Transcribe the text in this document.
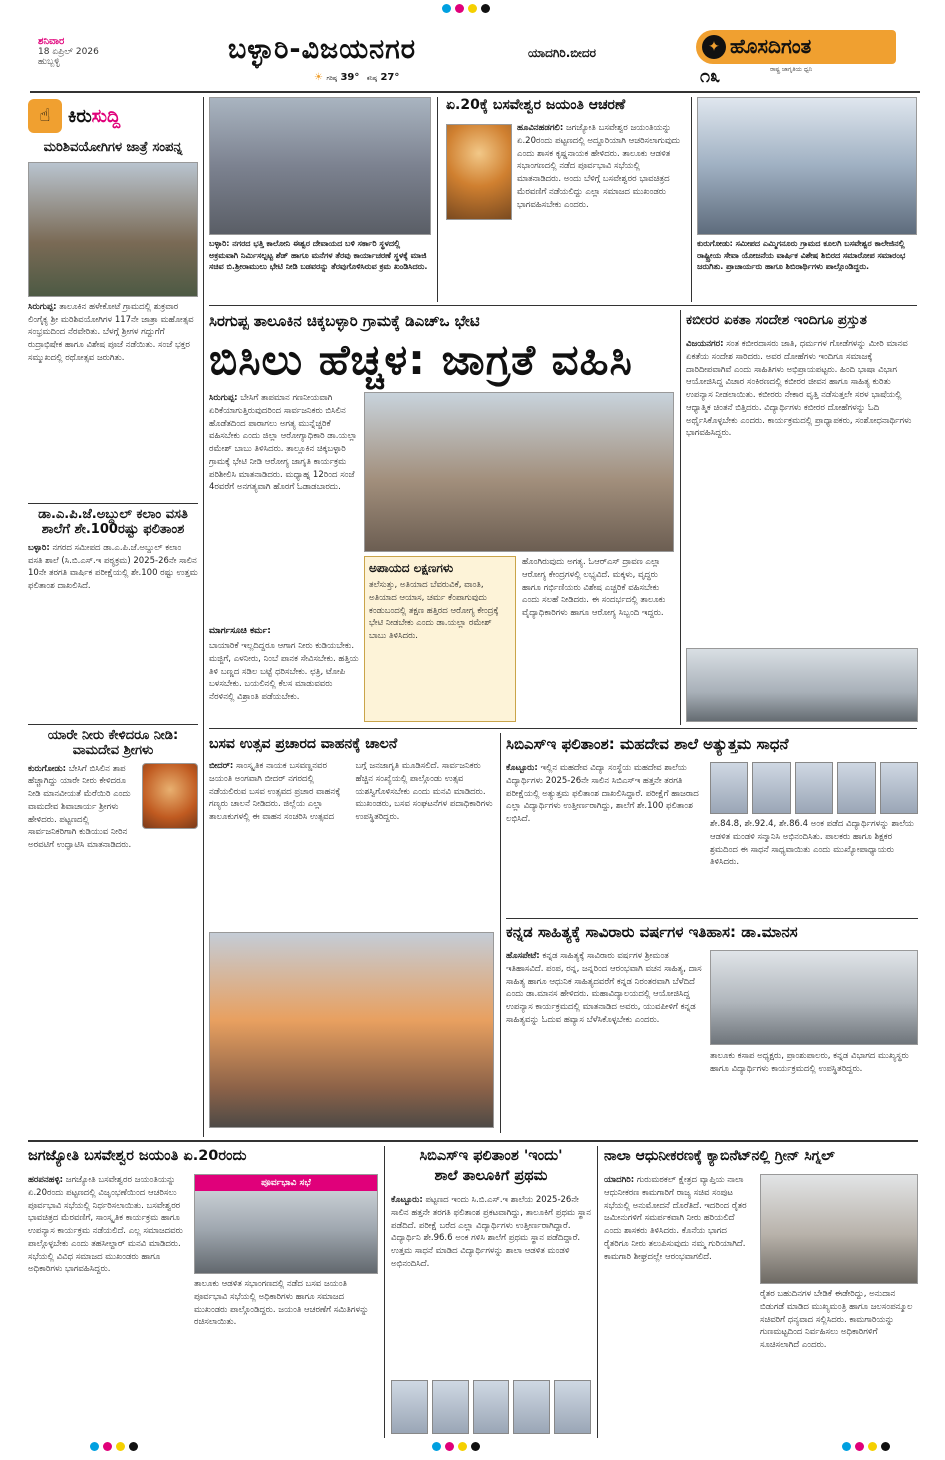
ಶನಿವಾರ
18 ಏಪ್ರಿಲ್ 2026
ಹುಬ್ಬಳ್ಳಿ	ಬಳ್ಳಾರಿ-ವಿಜಯನಗರ	ಯಾದಗಿರಿ.ಬೀದರ
☀ ಗರಿಷ್ಠ 39° ಕನಿಷ್ಠ 27°
✦ ಹೊಸದಿಗಂತ
ರಾಷ್ಟ್ರ ಜಾಗೃತಿಯ ಧ್ವನಿ
೧೩
☝ ಕಿರು ಸುದ್ದಿ
ಮರಿಶಿವಯೋಗಿಗಳ ಜಾತ್ರೆ ಸಂಪನ್ನ
ಸಿರುಗುಪ್ಪ: ತಾಲೂಕಿನ ಹಳೇಕೋಟೆ ಗ್ರಾಮದಲ್ಲಿ ಶುಕ್ರವಾರ ಲಿಂಗೈಕ್ಯ ಶ್ರೀ ಮರಿಶಿವಯೋಗಿಗಳ 117ನೇ ಜಾತ್ರಾ ಮಹೋತ್ಸವ ಸಂಭ್ರಮದಿಂದ ನೆರವೇರಿತು. ಬೆಳಗ್ಗೆ ಶ್ರೀಗಳ ಗದ್ದುಗೆಗೆ ರುದ್ರಾಭಿಷೇಕ ಹಾಗೂ ವಿಶೇಷ ಪೂಜೆ ನಡೆಯಿತು. ಸಂಜೆ ಭಕ್ತರ ಸಮ್ಮುಖದಲ್ಲಿ ರಥೋತ್ಸವ ಜರುಗಿತು.
ಡಾ.ಎ.ಪಿ.ಜೆ.ಅಬ್ದುಲ್ ಕಲಾಂ ವಸತಿ ಶಾಲೆಗೆ ಶೇ.100ರಷ್ಟು ಫಲಿತಾಂಶ
ಬಳ್ಳಾರಿ: ನಗರದ ಸಮೀಪದ ಡಾ.ಎ.ಪಿ.ಜೆ.ಅಬ್ದುಲ್ ಕಲಾಂ ವಸತಿ ಶಾಲೆ (ಸಿ.ಬಿ.ಎಸ್.ಇ ಪಠ್ಯಕ್ರಮ) 2025-26ನೇ ಸಾಲಿನ 10ನೇ ತರಗತಿ ವಾರ್ಷಿಕ ಪರೀಕ್ಷೆಯಲ್ಲಿ ಶೇ.100 ರಷ್ಟು ಉತ್ತಮ ಫಲಿತಾಂಶ ದಾಖಲಿಸಿದೆ.
ಯಾರೇ ನೀರು ಕೇಳಿದರೂ ನೀಡಿ: ವಾಮದೇವ ಶ್ರೀಗಳು
ಕುರುಗೋಡು: ಬೇಸಿಗೆ ಬಿಸಿಲಿನ ತಾಪ ಹೆಚ್ಚಾಗಿದ್ದು ಯಾರೇ ನೀರು ಕೇಳಿದರೂ ನೀಡಿ ಮಾನವೀಯತೆ ಮೆರೆಯಿರಿ ಎಂದು ವಾಮದೇವ ಶಿವಾಚಾರ್ಯ ಶ್ರೀಗಳು ಹೇಳಿದರು. ಪಟ್ಟಣದಲ್ಲಿ ಸಾರ್ವಜನಿಕರಿಗಾಗಿ ಕುಡಿಯುವ ನೀರಿನ ಅರವಟಿಗೆ ಉದ್ಘಾಟಿಸಿ ಮಾತನಾಡಿದರು.
ಬಳ್ಳಾರಿ: ನಗರದ ಭತ್ತಿ ಕಾಲೋನಿ ಈಶ್ವರ ದೇವಾಯದ ಬಳಿ ಸರ್ಕಾರಿ ಸ್ಥಳದಲ್ಲಿ ಅಕ್ರಮವಾಗಿ ನಿರ್ಮಿಸಲ್ಪಟ್ಟ ಶೆಡ್ ಹಾಗೂ ಮನೆಗಳ ತೆರವು ಕಾರ್ಯಾಚರಣೆ ಸ್ಥಳಕ್ಕೆ ಮಾಜಿ ಸಚಿವ ಬಿ.ಶ್ರೀರಾಮುಲು ಭೇಟಿ ನೀಡಿ ಬಡವರನ್ನು ತೆರವುಗೊಳಿಸಿರುವ ಕ್ರಮ ಖಂಡಿಸಿದರು.
ಏ.20ಕ್ಕೆ ಬಸವೇಶ್ವರ ಜಯಂತಿ ಆಚರಣೆ
ಹೂವಿನಹಡಗಲಿ: ಜಗಜ್ಯೋತಿ ಬಸವೇಶ್ವರ ಜಯಂತಿಯನ್ನು ಏ.20ರಂದು ಪಟ್ಟಣದಲ್ಲಿ ಅದ್ದೂರಿಯಾಗಿ ಆಚರಿಸಲಾಗುವುದು ಎಂದು ಶಾಸಕ ಕೃಷ್ಣನಾಯಕ ಹೇಳಿದರು. ತಾಲೂಕು ಆಡಳಿತ ಸಭಾಂಗಣದಲ್ಲಿ ನಡೆದ ಪೂರ್ವಭಾವಿ ಸಭೆಯಲ್ಲಿ ಮಾತನಾಡಿದರು. ಅಂದು ಬೆಳಿಗ್ಗೆ ಬಸವೇಶ್ವರರ ಭಾವಚಿತ್ರದ ಮೆರವಣಿಗೆ ನಡೆಯಲಿದ್ದು ಎಲ್ಲಾ ಸಮಾಜದ ಮುಖಂಡರು ಭಾಗವಹಿಸಬೇಕು ಎಂದರು.
ಕುರುಗೋಡು: ಸಮೀಪದ ಎಮ್ಮಿಗನೂರು ಗ್ರಾಮದ ಕೂಲಗಿ ಬಸವೇಶ್ವರ ಕಾಲೇಜಿನಲ್ಲಿ ರಾಷ್ಟ್ರೀಯ ಸೇವಾ ಯೋಜನೆಯ ವಾರ್ಷಿಕ ವಿಶೇಷ ಶಿಬಿರದ ಸಮಾರೋಪ ಸಮಾರಂಭ ಜರುಗಿತು. ಪ್ರಾಚಾರ್ಯರು ಹಾಗೂ ಶಿಬಿರಾರ್ಥಿಗಳು ಪಾಲ್ಗೊಂಡಿದ್ದರು.
ಸಿರಗುಪ್ಪ ತಾಲೂಕಿನ ಚಿಕ್ಕಬಳ್ಳಾರಿ ಗ್ರಾಮಕ್ಕೆ ಡಿಎಚ್ಒ ಭೇಟಿ
ಬಿಸಿಲು ಹೆಚ್ಚಳ: ಜಾಗ್ರತೆ ವಹಿಸಿ
ಸಿರುಗುಪ್ಪ: ಬೇಸಿಗೆ ತಾಪಮಾನ ಗಣನೀಯವಾಗಿ ಏರಿಕೆಯಾಗುತ್ತಿರುವುದರಿಂದ ಸಾರ್ವಜನಿಕರು ಬಿಸಿಲಿನ ಹೊಡೆತದಿಂದ ಪಾರಾಗಲು ಅಗತ್ಯ ಮುನ್ನೆಚ್ಚರಿಕೆ ವಹಿಸಬೇಕು ಎಂದು ಜಿಲ್ಲಾ ಆರೋಗ್ಯಾಧಿಕಾರಿ ಡಾ.ಯಲ್ಲಾ ರಮೇಶ್ ಬಾಬು ತಿಳಿಸಿದರು. ತಾಲ್ಲೂಕಿನ ಚಿಕ್ಕಬಳ್ಳಾರಿ ಗ್ರಾಮಕ್ಕೆ ಭೇಟಿ ನೀಡಿ ಆರೋಗ್ಯ ಜಾಗೃತಿ ಕಾರ್ಯಕ್ರಮ ಪರಿಶೀಲಿಸಿ ಮಾತನಾಡಿದರು. ಮಧ್ಯಾಹ್ನ 12ರಿಂದ ಸಂಜೆ 4ರವರೆಗೆ ಅನಗತ್ಯವಾಗಿ ಹೊರಗೆ ಓಡಾಡಬಾರದು.
ಮಾರ್ಗಸೂಚಿ ಕರ್ಮ:
ಬಾಯಾರಿಕೆ ಇಲ್ಲದಿದ್ದರೂ ಆಗಾಗ ನೀರು ಕುಡಿಯಬೇಕು. ಮಜ್ಜಿಗೆ, ಎಳನೀರು, ನಿಂಬೆ ಪಾನಕ ಸೇವಿಸಬೇಕು. ಹತ್ತಿಯ ತಿಳಿ ಬಣ್ಣದ ಸಡಿಲ ಬಟ್ಟೆ ಧರಿಸಬೇಕು. ಛತ್ರಿ, ಟೋಪಿ ಬಳಸಬೇಕು. ಬಯಲಿನಲ್ಲಿ ಕೆಲಸ ಮಾಡುವವರು ನೆರಳಿನಲ್ಲಿ ವಿಶ್ರಾಂತಿ ಪಡೆಯಬೇಕು.
ಅಪಾಯದ ಲಕ್ಷಣಗಳು
ತಲೆಸುತ್ತು, ಅತಿಯಾದ ಬೆವರುವಿಕೆ, ವಾಂತಿ, ಅತಿಯಾದ ಆಯಾಸ, ಚರ್ಮ ಕೆಂಪಾಗುವುದು ಕಂಡುಬಂದಲ್ಲಿ ತಕ್ಷಣ ಹತ್ತಿರದ ಆರೋಗ್ಯ ಕೇಂದ್ರಕ್ಕೆ ಭೇಟಿ ನೀಡಬೇಕು ಎಂದು ಡಾ.ಯಲ್ಲಾ ರಮೇಶ್ ಬಾಬು ತಿಳಿಸಿದರು.
ಹೊಂಗಿರುವುದು ಅಗತ್ಯ. ಓಆರ್‌ಎಸ್ ದ್ರಾವಣ ಎಲ್ಲಾ ಆರೋಗ್ಯ ಕೇಂದ್ರಗಳಲ್ಲಿ ಲಭ್ಯವಿದೆ. ಮಕ್ಕಳು, ವೃದ್ಧರು ಹಾಗೂ ಗರ್ಭಿಣಿಯರು ವಿಶೇಷ ಎಚ್ಚರಿಕೆ ವಹಿಸಬೇಕು ಎಂದು ಸಲಹೆ ನೀಡಿದರು. ಈ ಸಂದರ್ಭದಲ್ಲಿ ತಾಲೂಕು ವೈದ್ಯಾಧಿಕಾರಿಗಳು ಹಾಗೂ ಆರೋಗ್ಯ ಸಿಬ್ಬಂದಿ ಇದ್ದರು.
ಕಬೀರರ ಏಕತಾ ಸಂದೇಶ ಇಂದಿಗೂ ಪ್ರಸ್ತುತ
ವಿಜಯನಗರ: ಸಂತ ಕಬೀರದಾಸರು ಜಾತಿ, ಧರ್ಮಗಳ ಗೋಡೆಗಳನ್ನು ಮೀರಿ ಮಾನವ ಏಕತೆಯ ಸಂದೇಶ ಸಾರಿದರು. ಅವರ ದೋಹೆಗಳು ಇಂದಿಗೂ ಸಮಾಜಕ್ಕೆ ದಾರಿದೀಪವಾಗಿವೆ ಎಂದು ಸಾಹಿತಿಗಳು ಅಭಿಪ್ರಾಯಪಟ್ಟರು. ಹಿಂದಿ ಭಾಷಾ ವಿಭಾಗ ಆಯೋಜಿಸಿದ್ದ ವಿಚಾರ ಸಂಕಿರಣದಲ್ಲಿ ಕಬೀರರ ಜೀವನ ಹಾಗೂ ಸಾಹಿತ್ಯ ಕುರಿತು ಉಪನ್ಯಾಸ ನೀಡಲಾಯಿತು. ಕಬೀರರು ನೇಕಾರ ವೃತ್ತಿ ನಡೆಸುತ್ತಲೇ ಸರಳ ಭಾಷೆಯಲ್ಲಿ ಆಧ್ಯಾತ್ಮಿಕ ಚಿಂತನೆ ಬಿತ್ತಿದರು. ವಿದ್ಯಾರ್ಥಿಗಳು ಕಬೀರರ ದೋಹೆಗಳನ್ನು ಓದಿ ಅರ್ಥೈಸಿಕೊಳ್ಳಬೇಕು ಎಂದರು. ಕಾರ್ಯಕ್ರಮದಲ್ಲಿ ಪ್ರಾಧ್ಯಾಪಕರು, ಸಂಶೋಧನಾರ್ಥಿಗಳು ಭಾಗವಹಿಸಿದ್ದರು.
ಬಸವ ಉತ್ಸವ ಪ್ರಚಾರದ ವಾಹನಕ್ಕೆ ಚಾಲನೆ
ಬೀದರ್: ಸಾಂಸ್ಕೃತಿಕ ನಾಯಕ ಬಸವಣ್ಣನವರ ಜಯಂತಿ ಅಂಗವಾಗಿ ಬೀದರ್ ನಗರದಲ್ಲಿ ನಡೆಯಲಿರುವ ಬಸವ ಉತ್ಸವದ ಪ್ರಚಾರ ವಾಹನಕ್ಕೆ ಗಣ್ಯರು ಚಾಲನೆ ನೀಡಿದರು. ಜಿಲ್ಲೆಯ ಎಲ್ಲಾ ತಾಲೂಕುಗಳಲ್ಲಿ ಈ ವಾಹನ ಸಂಚರಿಸಿ ಉತ್ಸವದ ಬಗ್ಗೆ ಜನಜಾಗೃತಿ ಮೂಡಿಸಲಿದೆ. ಸಾರ್ವಜನಿಕರು ಹೆಚ್ಚಿನ ಸಂಖ್ಯೆಯಲ್ಲಿ ಪಾಲ್ಗೊಂಡು ಉತ್ಸವ ಯಶಸ್ವಿಗೊಳಿಸಬೇಕು ಎಂದು ಮನವಿ ಮಾಡಿದರು. ಮುಖಂಡರು, ಬಸವ ಸಂಘಟನೆಗಳ ಪದಾಧಿಕಾರಿಗಳು ಉಪಸ್ಥಿತರಿದ್ದರು.
ಸಿಬಿಎಸ್‌ಇ ಫಲಿತಾಂಶ: ಮಹದೇವ ಶಾಲೆ ಅತ್ಯುತ್ತಮ ಸಾಧನೆ
ಕೊಟ್ಟೂರು: ಇಲ್ಲಿನ ಮಹದೇವ ವಿದ್ಯಾ ಸಂಸ್ಥೆಯ ಮಹದೇವ ಶಾಲೆಯ ವಿದ್ಯಾರ್ಥಿಗಳು 2025-26ನೇ ಸಾಲಿನ ಸಿಬಿಎಸ್‌ಇ ಹತ್ತನೇ ತರಗತಿ ಪರೀಕ್ಷೆಯಲ್ಲಿ ಅತ್ಯುತ್ತಮ ಫಲಿತಾಂಶ ದಾಖಲಿಸಿದ್ದಾರೆ. ಪರೀಕ್ಷೆಗೆ ಹಾಜರಾದ ಎಲ್ಲಾ ವಿದ್ಯಾರ್ಥಿಗಳು ಉತ್ತೀರ್ಣರಾಗಿದ್ದು, ಶಾಲೆಗೆ ಶೇ.100 ಫಲಿತಾಂಶ ಲಭಿಸಿದೆ.	ಶೇ.84.8, ಶೇ.92.4, ಶೇ.86.4 ಅಂಕ ಪಡೆದ ವಿದ್ಯಾರ್ಥಿಗಳನ್ನು ಶಾಲೆಯ ಆಡಳಿತ ಮಂಡಳಿ ಸನ್ಮಾನಿಸಿ ಅಭಿನಂದಿಸಿತು. ಪಾಲಕರು ಹಾಗೂ ಶಿಕ್ಷಕರ ಶ್ರಮದಿಂದ ಈ ಸಾಧನೆ ಸಾಧ್ಯವಾಯಿತು ಎಂದು ಮುಖ್ಯೋಪಾಧ್ಯಾಯರು ತಿಳಿಸಿದರು.
ಕನ್ನಡ ಸಾಹಿತ್ಯಕ್ಕೆ ಸಾವಿರಾರು ವರ್ಷಗಳ ಇತಿಹಾಸ: ಡಾ.ಮಾನಸ
ಹೊಸಪೇಟೆ: ಕನ್ನಡ ಸಾಹಿತ್ಯಕ್ಕೆ ಸಾವಿರಾರು ವರ್ಷಗಳ ಶ್ರೀಮಂತ ಇತಿಹಾಸವಿದೆ. ಪಂಪ, ರನ್ನ, ಜನ್ನರಿಂದ ಆರಂಭವಾಗಿ ವಚನ ಸಾಹಿತ್ಯ, ದಾಸ ಸಾಹಿತ್ಯ ಹಾಗೂ ಆಧುನಿಕ ಸಾಹಿತ್ಯದವರೆಗೆ ಕನ್ನಡ ನಿರಂತರವಾಗಿ ಬೆಳೆದಿದೆ ಎಂದು ಡಾ.ಮಾನಸ ಹೇಳಿದರು. ಮಹಾವಿದ್ಯಾಲಯದಲ್ಲಿ ಆಯೋಜಿಸಿದ್ದ ಉಪನ್ಯಾಸ ಕಾರ್ಯಕ್ರಮದಲ್ಲಿ ಮಾತನಾಡಿದ ಅವರು, ಯುವಪೀಳಿಗೆ ಕನ್ನಡ ಸಾಹಿತ್ಯವನ್ನು ಓದುವ ಹವ್ಯಾಸ ಬೆಳೆಸಿಕೊಳ್ಳಬೇಕು ಎಂದರು.
ತಾಲೂಕು ಕಸಾಪ ಅಧ್ಯಕ್ಷರು, ಪ್ರಾಂಶುಪಾಲರು, ಕನ್ನಡ ವಿಭಾಗದ ಮುಖ್ಯಸ್ಥರು ಹಾಗೂ ವಿದ್ಯಾರ್ಥಿಗಳು ಕಾರ್ಯಕ್ರಮದಲ್ಲಿ ಉಪಸ್ಥಿತರಿದ್ದರು.
ಜಗಜ್ಯೋತಿ ಬಸವೇಶ್ವರ ಜಯಂತಿ ಏ.20ರಂದು
ಹರಪನಹಳ್ಳಿ: ಜಗಜ್ಯೋತಿ ಬಸವೇಶ್ವರರ ಜಯಂತಿಯನ್ನು ಏ.20ರಂದು ಪಟ್ಟಣದಲ್ಲಿ ವಿಜೃಂಭಣೆಯಿಂದ ಆಚರಿಸಲು ಪೂರ್ವಭಾವಿ ಸಭೆಯಲ್ಲಿ ನಿರ್ಧರಿಸಲಾಯಿತು. ಬಸವೇಶ್ವರರ ಭಾವಚಿತ್ರದ ಮೆರವಣಿಗೆ, ಸಾಂಸ್ಕೃತಿಕ ಕಾರ್ಯಕ್ರಮ ಹಾಗೂ ಉಪನ್ಯಾಸ ಕಾರ್ಯಕ್ರಮ ನಡೆಯಲಿದೆ. ಎಲ್ಲ ಸಮಾಜದವರು ಪಾಲ್ಗೊಳ್ಳಬೇಕು ಎಂದು ತಹಸೀಲ್ದಾರ್ ಮನವಿ ಮಾಡಿದರು. ಸಭೆಯಲ್ಲಿ ವಿವಿಧ ಸಮಾಜದ ಮುಖಂಡರು ಹಾಗೂ ಅಧಿಕಾರಿಗಳು ಭಾಗವಹಿಸಿದ್ದರು.
ಪೂರ್ವಭಾವಿ ಸಭೆ
ತಾಲೂಕು ಆಡಳಿತ ಸಭಾಂಗಣದಲ್ಲಿ ನಡೆದ ಬಸವ ಜಯಂತಿ ಪೂರ್ವಭಾವಿ ಸಭೆಯಲ್ಲಿ ಅಧಿಕಾರಿಗಳು ಹಾಗೂ ಸಮಾಜದ ಮುಖಂಡರು ಪಾಲ್ಗೊಂಡಿದ್ದರು. ಜಯಂತಿ ಆಚರಣೆಗೆ ಸಮಿತಿಗಳನ್ನು ರಚಿಸಲಾಯಿತು.
ಸಿಬಿಎಸ್‌ಇ ಫಲಿತಾಂಶ 'ಇಂದು'
ಶಾಲೆ ತಾಲೂಕಿಗೆ ಪ್ರಥಮ
ಕೊಟ್ಟೂರು: ಪಟ್ಟಣದ ಇಂದು ಸಿ.ಬಿ.ಎಸ್.ಇ ಶಾಲೆಯ 2025-26ನೇ ಸಾಲಿನ ಹತ್ತನೇ ತರಗತಿ ಫಲಿತಾಂಶ ಪ್ರಕಟವಾಗಿದ್ದು, ತಾಲೂಕಿಗೆ ಪ್ರಥಮ ಸ್ಥಾನ ಪಡೆದಿದೆ. ಪರೀಕ್ಷೆ ಬರೆದ ಎಲ್ಲಾ ವಿದ್ಯಾರ್ಥಿಗಳು ಉತ್ತೀರ್ಣರಾಗಿದ್ದಾರೆ. ವಿದ್ಯಾರ್ಥಿನಿ ಶೇ.96.6 ಅಂಕ ಗಳಿಸಿ ಶಾಲೆಗೆ ಪ್ರಥಮ ಸ್ಥಾನ ಪಡೆದಿದ್ದಾರೆ. ಉತ್ತಮ ಸಾಧನೆ ಮಾಡಿದ ವಿದ್ಯಾರ್ಥಿಗಳನ್ನು ಶಾಲಾ ಆಡಳಿತ ಮಂಡಳಿ ಅಭಿನಂದಿಸಿದೆ.
ನಾಲಾ ಆಧುನೀಕರಣಕ್ಕೆ ಕ್ಯಾಬಿನೆಟ್‌ನಲ್ಲಿ ಗ್ರೀನ್ ಸಿಗ್ನಲ್
ಯಾದಗಿರಿ: ಗುರುಮಠಕಲ್ ಕ್ಷೇತ್ರದ ವ್ಯಾಪ್ತಿಯ ನಾಲಾ ಆಧುನೀಕರಣ ಕಾಮಗಾರಿಗೆ ರಾಜ್ಯ ಸಚಿವ ಸಂಪುಟ ಸಭೆಯಲ್ಲಿ ಅನುಮೋದನೆ ದೊರೆತಿದೆ. ಇದರಿಂದ ರೈತರ ಜಮೀನುಗಳಿಗೆ ಸಮರ್ಪಕವಾಗಿ ನೀರು ಹರಿಯಲಿದೆ ಎಂದು ಶಾಸಕರು ತಿಳಿಸಿದರು. ಕೊನೆಯ ಭಾಗದ ರೈತರಿಗೂ ನೀರು ತಲುಪಿಸುವುದು ನಮ್ಮ ಗುರಿಯಾಗಿದೆ. ಕಾಮಗಾರಿ ಶೀಘ್ರದಲ್ಲೇ ಆರಂಭವಾಗಲಿದೆ.
ರೈತರ ಬಹುದಿನಗಳ ಬೇಡಿಕೆ ಈಡೇರಿದ್ದು, ಅನುದಾನ ಬಿಡುಗಡೆ ಮಾಡಿದ ಮುಖ್ಯಮಂತ್ರಿ ಹಾಗೂ ಜಲಸಂಪನ್ಮೂಲ ಸಚಿವರಿಗೆ ಧನ್ಯವಾದ ಸಲ್ಲಿಸಿದರು. ಕಾಮಗಾರಿಯನ್ನು ಗುಣಮಟ್ಟದಿಂದ ನಿರ್ವಹಿಸಲು ಅಧಿಕಾರಿಗಳಿಗೆ ಸೂಚಿಸಲಾಗಿದೆ ಎಂದರು.
